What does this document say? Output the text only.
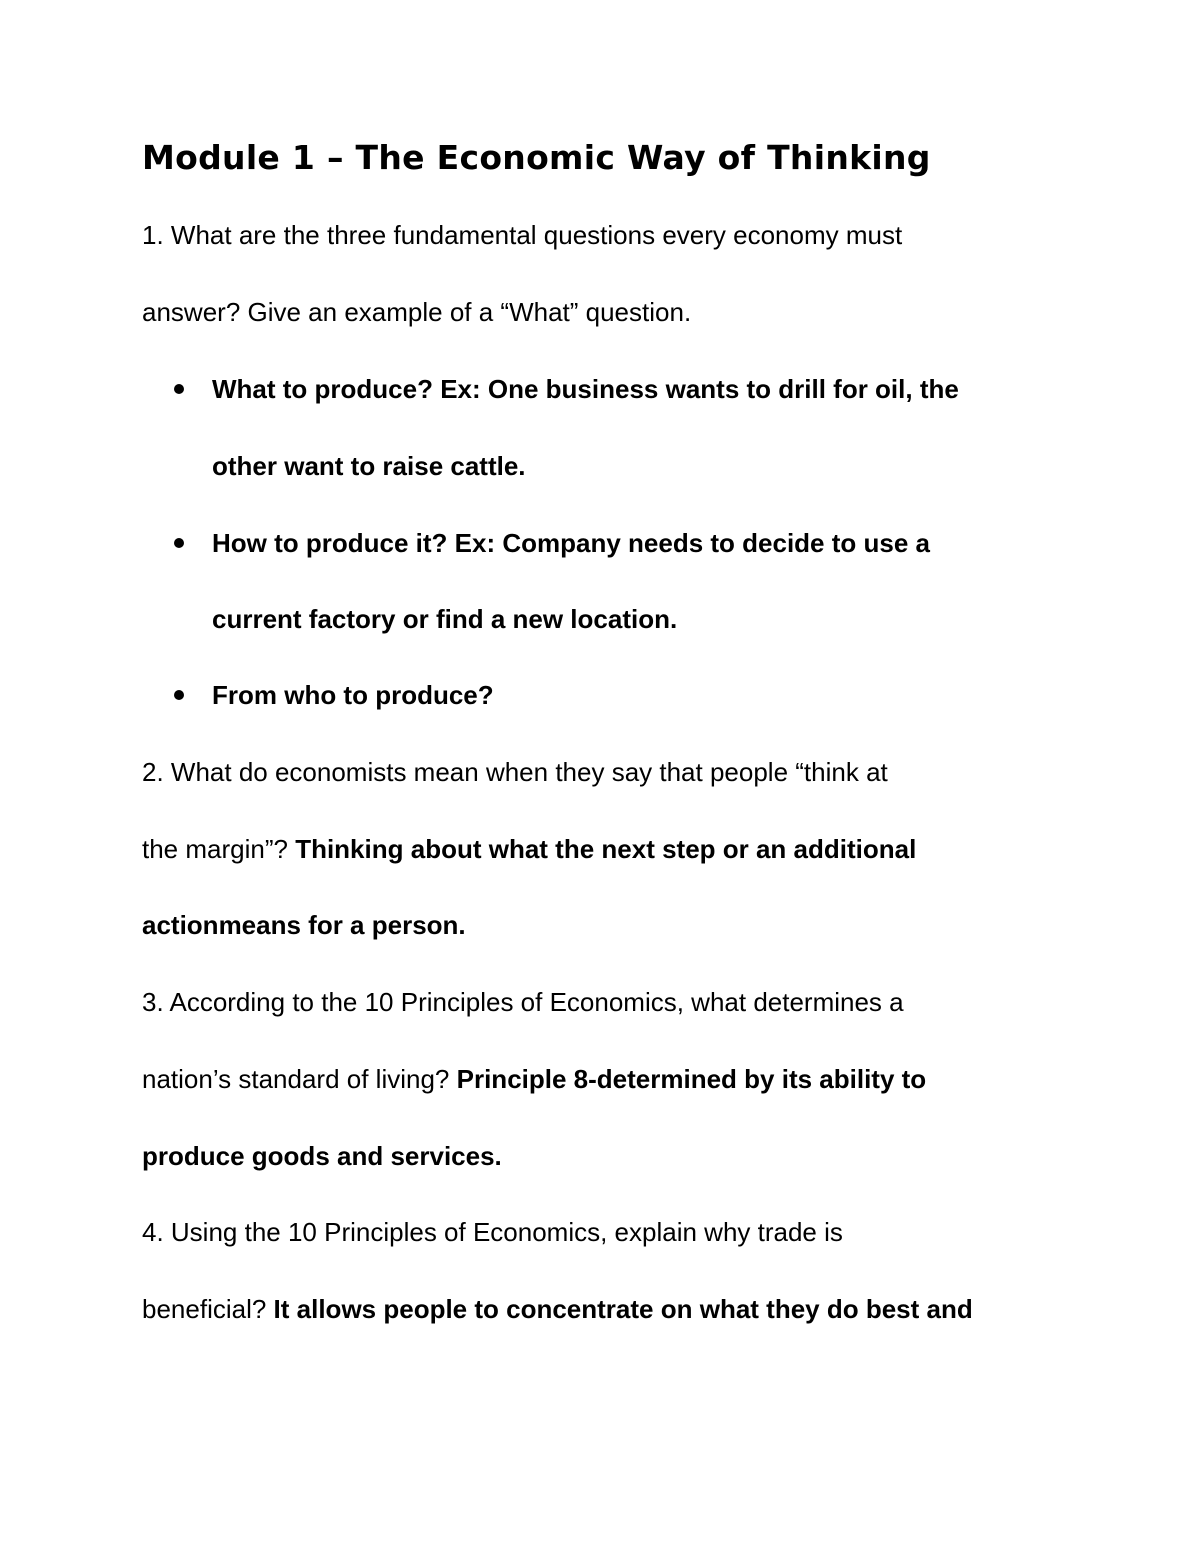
Module 1 – The Economic Way of Thinking
1. What are the three fundamental questions every economy must
answer? Give an example of a “What” question.
What to produce? Ex: One business wants to drill for oil, the
other want to raise cattle.
How to produce it? Ex: Company needs to decide to use a
current factory or find a new location.
From who to produce?
2. What do economists mean when they say that people “think at
the margin”? Thinking about what the next step or an additional
actionmeans for a person.
3. According to the 10 Principles of Economics, what determines a
nation’s standard of living? Principle 8-determined by its ability to
produce goods and services.
4. Using the 10 Principles of Economics, explain why trade is
beneficial? It allows people to concentrate on what they do best and
